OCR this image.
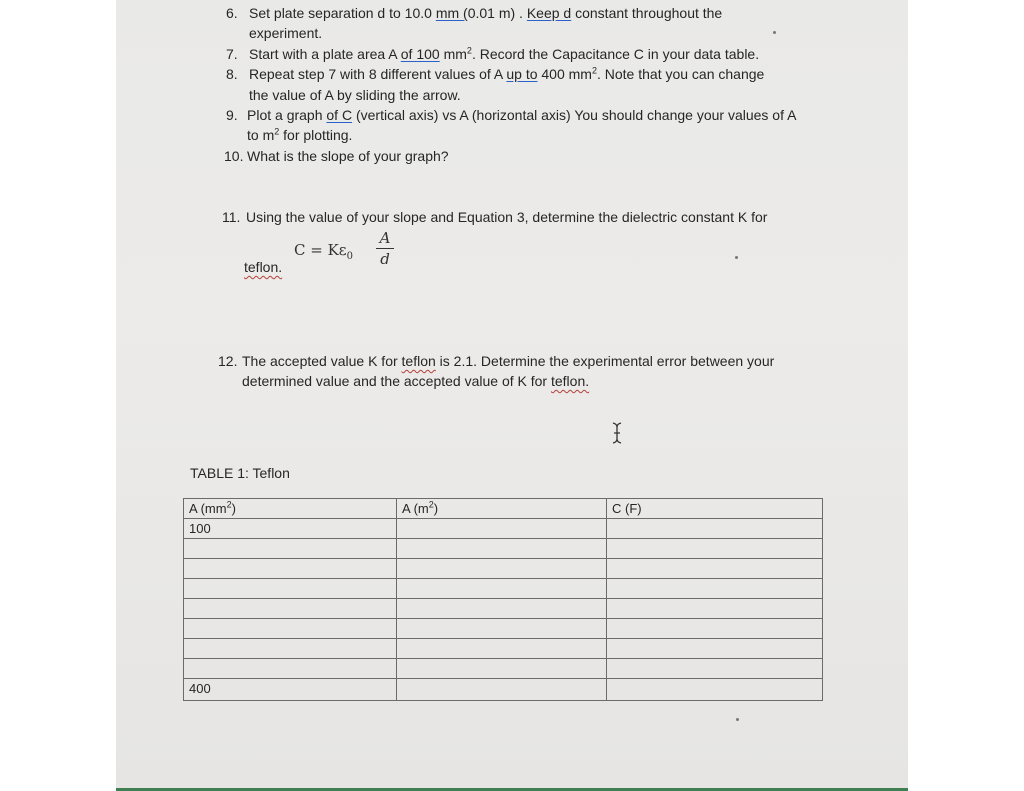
6. Set plate separation d to 10.0 mm (0.01 m) . Keep d constant throughout the
experiment.
7. Start with a plate area A of 100 $mm^2$. Record the Capacitance C in your data table.
8. Repeat step 7 with 8 different values of A up to 400 $mm^2$. Note that you can change
the value of A by sliding the arrow.
9. Plot a graph of C (vertical axis) vs A (horizontal axis) You should change your values of A
to $m^2$ for plotting.
10. What is the slope of your graph?
11. Using the value of your slope and Equation 3, determine the dielectric constant K for
teflon.
$C = K\varepsilon_0$
A
d
12. The accepted value K for teflon is 2.1. Determine the experimental error between your
determined value and the accepted value of K for teflon.
TABLE 1: Teflon
A $(mm^2)$	A $(m^2)$	C (F)
100		

400		
